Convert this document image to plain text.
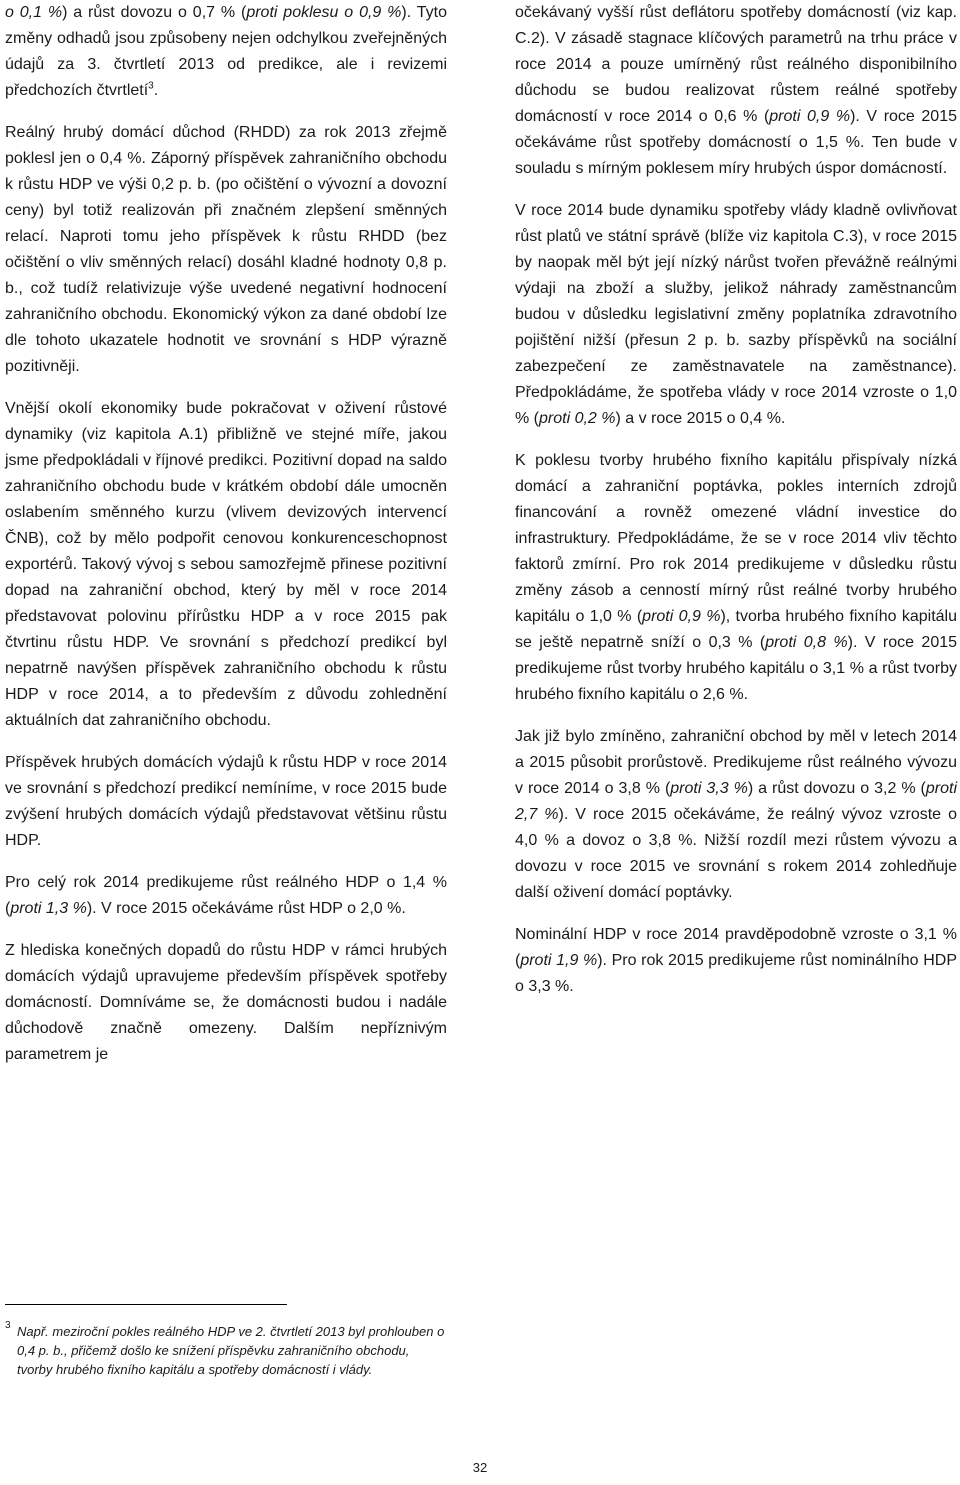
o 0,1 %) a růst dovozu o 0,7 % (proti poklesu o 0,9 %). Tyto změny odhadů jsou způsobeny nejen odchylkou zveřejněných údajů za 3. čtvrtletí 2013 od predikce, ale i revizemi předchozích čtvrtletí$^3$.

Reálný hrubý domácí důchod (RHDD) za rok 2013 zřejmě poklesl jen o 0,4 %. Záporný příspěvek zahraničního obchodu k růstu HDP ve výši 0,2 p. b. (po očištění o vývozní a dovozní ceny) byl totiž realizován při značném zlepšení směnných relací. Naproti tomu jeho příspěvek k růstu RHDD (bez očištění o vliv směnných relací) dosáhl kladné hodnoty 0,8 p. b., což tudíž relativizuje výše uvedené negativní hodnocení zahraničního obchodu. Ekonomický výkon za dané období lze dle tohoto ukazatele hodnotit ve srovnání s HDP výrazně pozitivněji.

Vnější okolí ekonomiky bude pokračovat v oživení růstové dynamiky (viz kapitola A.1) přibližně ve stejné míře, jakou jsme předpokládali v říjnové predikci. Pozitivní dopad na saldo zahraničního obchodu bude v krátkém období dále umocněn oslabením směnného kurzu (vlivem devizových intervencí ČNB), což by mělo podpořit cenovou konkurenceschopnost exportérů. Takový vývoj s sebou samozřejmě přinese pozitivní dopad na zahraniční obchod, který by měl v roce 2014 představovat polovinu přírůstku HDP a v roce 2015 pak čtvrtinu růstu HDP. Ve srovnání s předchozí predikcí byl nepatrně navýšen příspěvek zahraničního obchodu k růstu HDP v roce 2014, a to především z důvodu zohlednění aktuálních dat zahraničního obchodu.

Příspěvek hrubých domácích výdajů k růstu HDP v roce 2014 ve srovnání s předchozí predikcí nemíníme, v roce 2015 bude zvýšení hrubých domácích výdajů představovat většinu růstu HDP.

Pro celý rok 2014 predikujeme růst reálného HDP o 1,4 % (proti 1,3 %). V roce 2015 očekáváme růst HDP o 2,0 %.

Z hlediska konečných dopadů do růstu HDP v rámci hrubých domácích výdajů upravujeme především příspěvek spotřeby domácností. Domníváme se, že domácnosti budou i nadále důchodově značně omezeny. Dalším nepříznivým parametrem je

očekávaný vyšší růst deflátoru spotřeby domácností (viz kap. C.2). V zásadě stagnace klíčových parametrů na trhu práce v roce 2014 a pouze umírněný růst reálného disponibilního důchodu se budou realizovat růstem reálné spotřeby domácností v roce 2014 o 0,6 % (proti 0,9 %). V roce 2015 očekáváme růst spotřeby domácností o 1,5 %. Ten bude v souladu s mírným poklesem míry hrubých úspor domácností.

V roce 2014 bude dynamiku spotřeby vlády kladně ovlivňovat růst platů ve státní správě (blíže viz kapitola C.3), v roce 2015 by naopak měl být její nízký nárůst tvořen převážně reálnými výdaji na zboží a služby, jelikož náhrady zaměstnancům budou v důsledku legislativní změny poplatníka zdravotního pojištění nižší (přesun 2 p. b. sazby příspěvků na sociální zabezpečení ze zaměstnavatele na zaměstnance). Předpokládáme, že spotřeba vlády v roce 2014 vzroste o 1,0 % (proti 0,2 %) a v roce 2015 o 0,4 %.

K poklesu tvorby hrubého fixního kapitálu přispívaly nízká domácí a zahraniční poptávka, pokles interních zdrojů financování a rovněž omezené vládní investice do infrastruktury. Předpokládáme, že se v roce 2014 vliv těchto faktorů zmírní. Pro rok 2014 predikujeme v důsledku růstu změny zásob a cenností mírný růst reálné tvorby hrubého kapitálu o 1,0 % (proti 0,9 %), tvorba hrubého fixního kapitálu se ještě nepatrně sníží o 0,3 % (proti 0,8 %). V roce 2015 predikujeme růst tvorby hrubého kapitálu o 3,1 % a růst tvorby hrubého fixního kapitálu o 2,6 %.

Jak již bylo zmíněno, zahraniční obchod by měl v letech 2014 a 2015 působit prorůstově. Predikujeme růst reálného vývozu v roce 2014 o 3,8 % (proti 3,3 %) a růst dovozu o 3,2 % (proti 2,7 %). V roce 2015 očekáváme, že reálný vývoz vzroste o 4,0 % a dovoz o 3,8 %. Nižší rozdíl mezi růstem vývozu a dovozu v roce 2015 ve srovnání s rokem 2014 zohledňuje další oživení domácí poptávky.

Nominální HDP v roce 2014 pravděpodobně vzroste o 3,1 % (proti 1,9 %). Pro rok 2015 predikujeme růst nominálního HDP o 3,3 %.

3 Např. meziroční pokles reálného HDP ve 2. čtvrtletí 2013 byl prohlouben o 0,4 p. b., přičemž došlo ke snížení příspěvku zahraničního obchodu, tvorby hrubého fixního kapitálu a spotřeby domácností i vlády.
32
